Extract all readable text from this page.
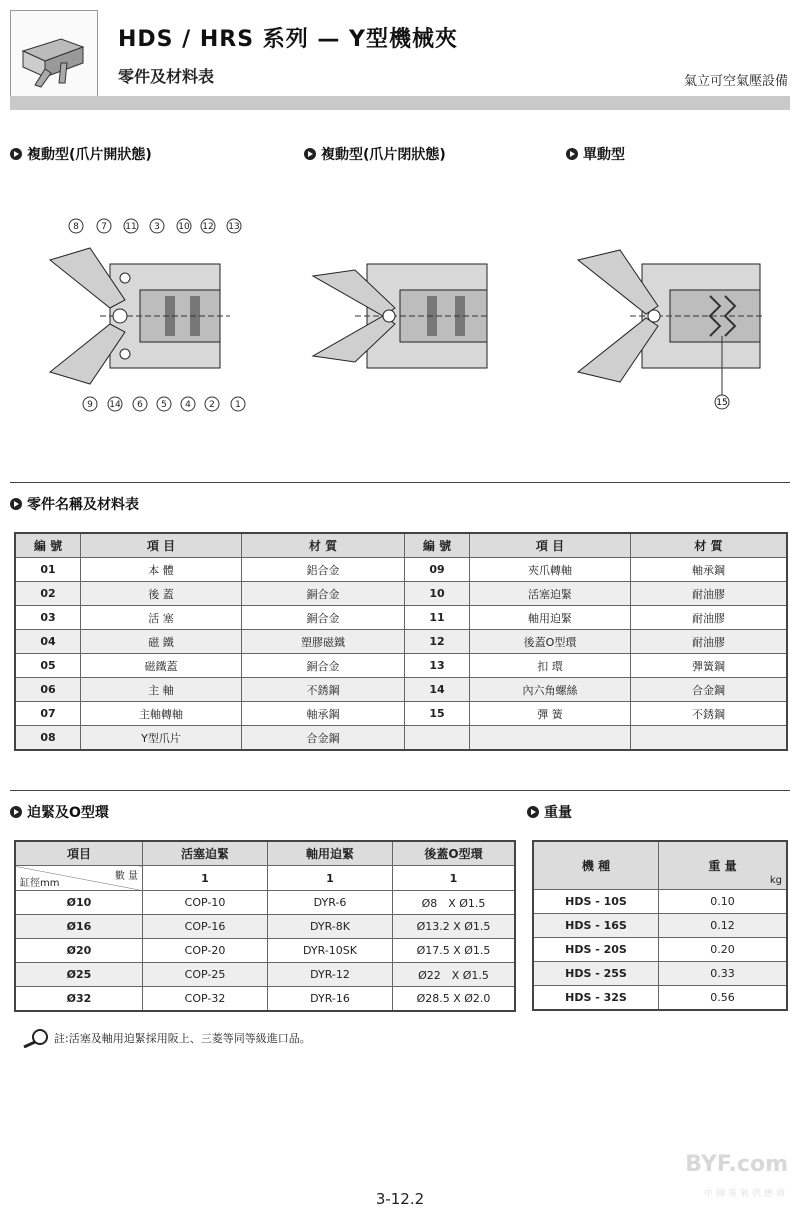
HDS / HRS 系列 — Y型機械夾
零件及材料表	氣立可空氣壓設備
複動型(爪片開狀態)	複動型(爪片閉狀態)	單動型
8 7 11 3 10 12 13
9 14 6 5 4 2 1	15
零件名稱及材料表
編 號	項 目	材 質	編 號	項 目	材 質
01	本 體	鋁合金	09	夾爪轉軸	軸承鋼
02	後 蓋	銅合金	10	活塞迫緊	耐油膠
03	活 塞	銅合金	11	軸用迫緊	耐油膠
04	磁 鐵	塑膠磁鐵	12	後蓋O型環	耐油膠
05	磁鐵蓋	銅合金	13	扣 環	彈簧鋼
06	主 軸	不銹鋼	14	內六角螺絲	合金鋼
07	主軸轉軸	軸承鋼	15	彈 簧	不銹鋼
08	Y型爪片	合金鋼			
迫緊及O型環	重量
項目	活塞迫緊	軸用迫緊	後蓋O型環

數 量
缸徑mm	1	1	1
Ø10	COP-10	DYR-6	Ø8　X Ø1.5
Ø16	COP-16	DYR-8K	Ø13.2 X Ø1.5
Ø20	COP-20	DYR-10SK	Ø17.5 X Ø1.5
Ø25	COP-25	DYR-12	Ø22　X Ø1.5
Ø32	COP-32	DYR-16	Ø28.5 X Ø2.0
機 種	重 量
kg

HDS - 10S	0.10
HDS - 16S	0.12
HDS - 20S	0.20
HDS - 25S	0.33
HDS - 32S	0.56
註:活塞及軸用迫緊採用阪上、三菱等同等級進口品。
BYF.com
中國電氣供應商
3-12.2
